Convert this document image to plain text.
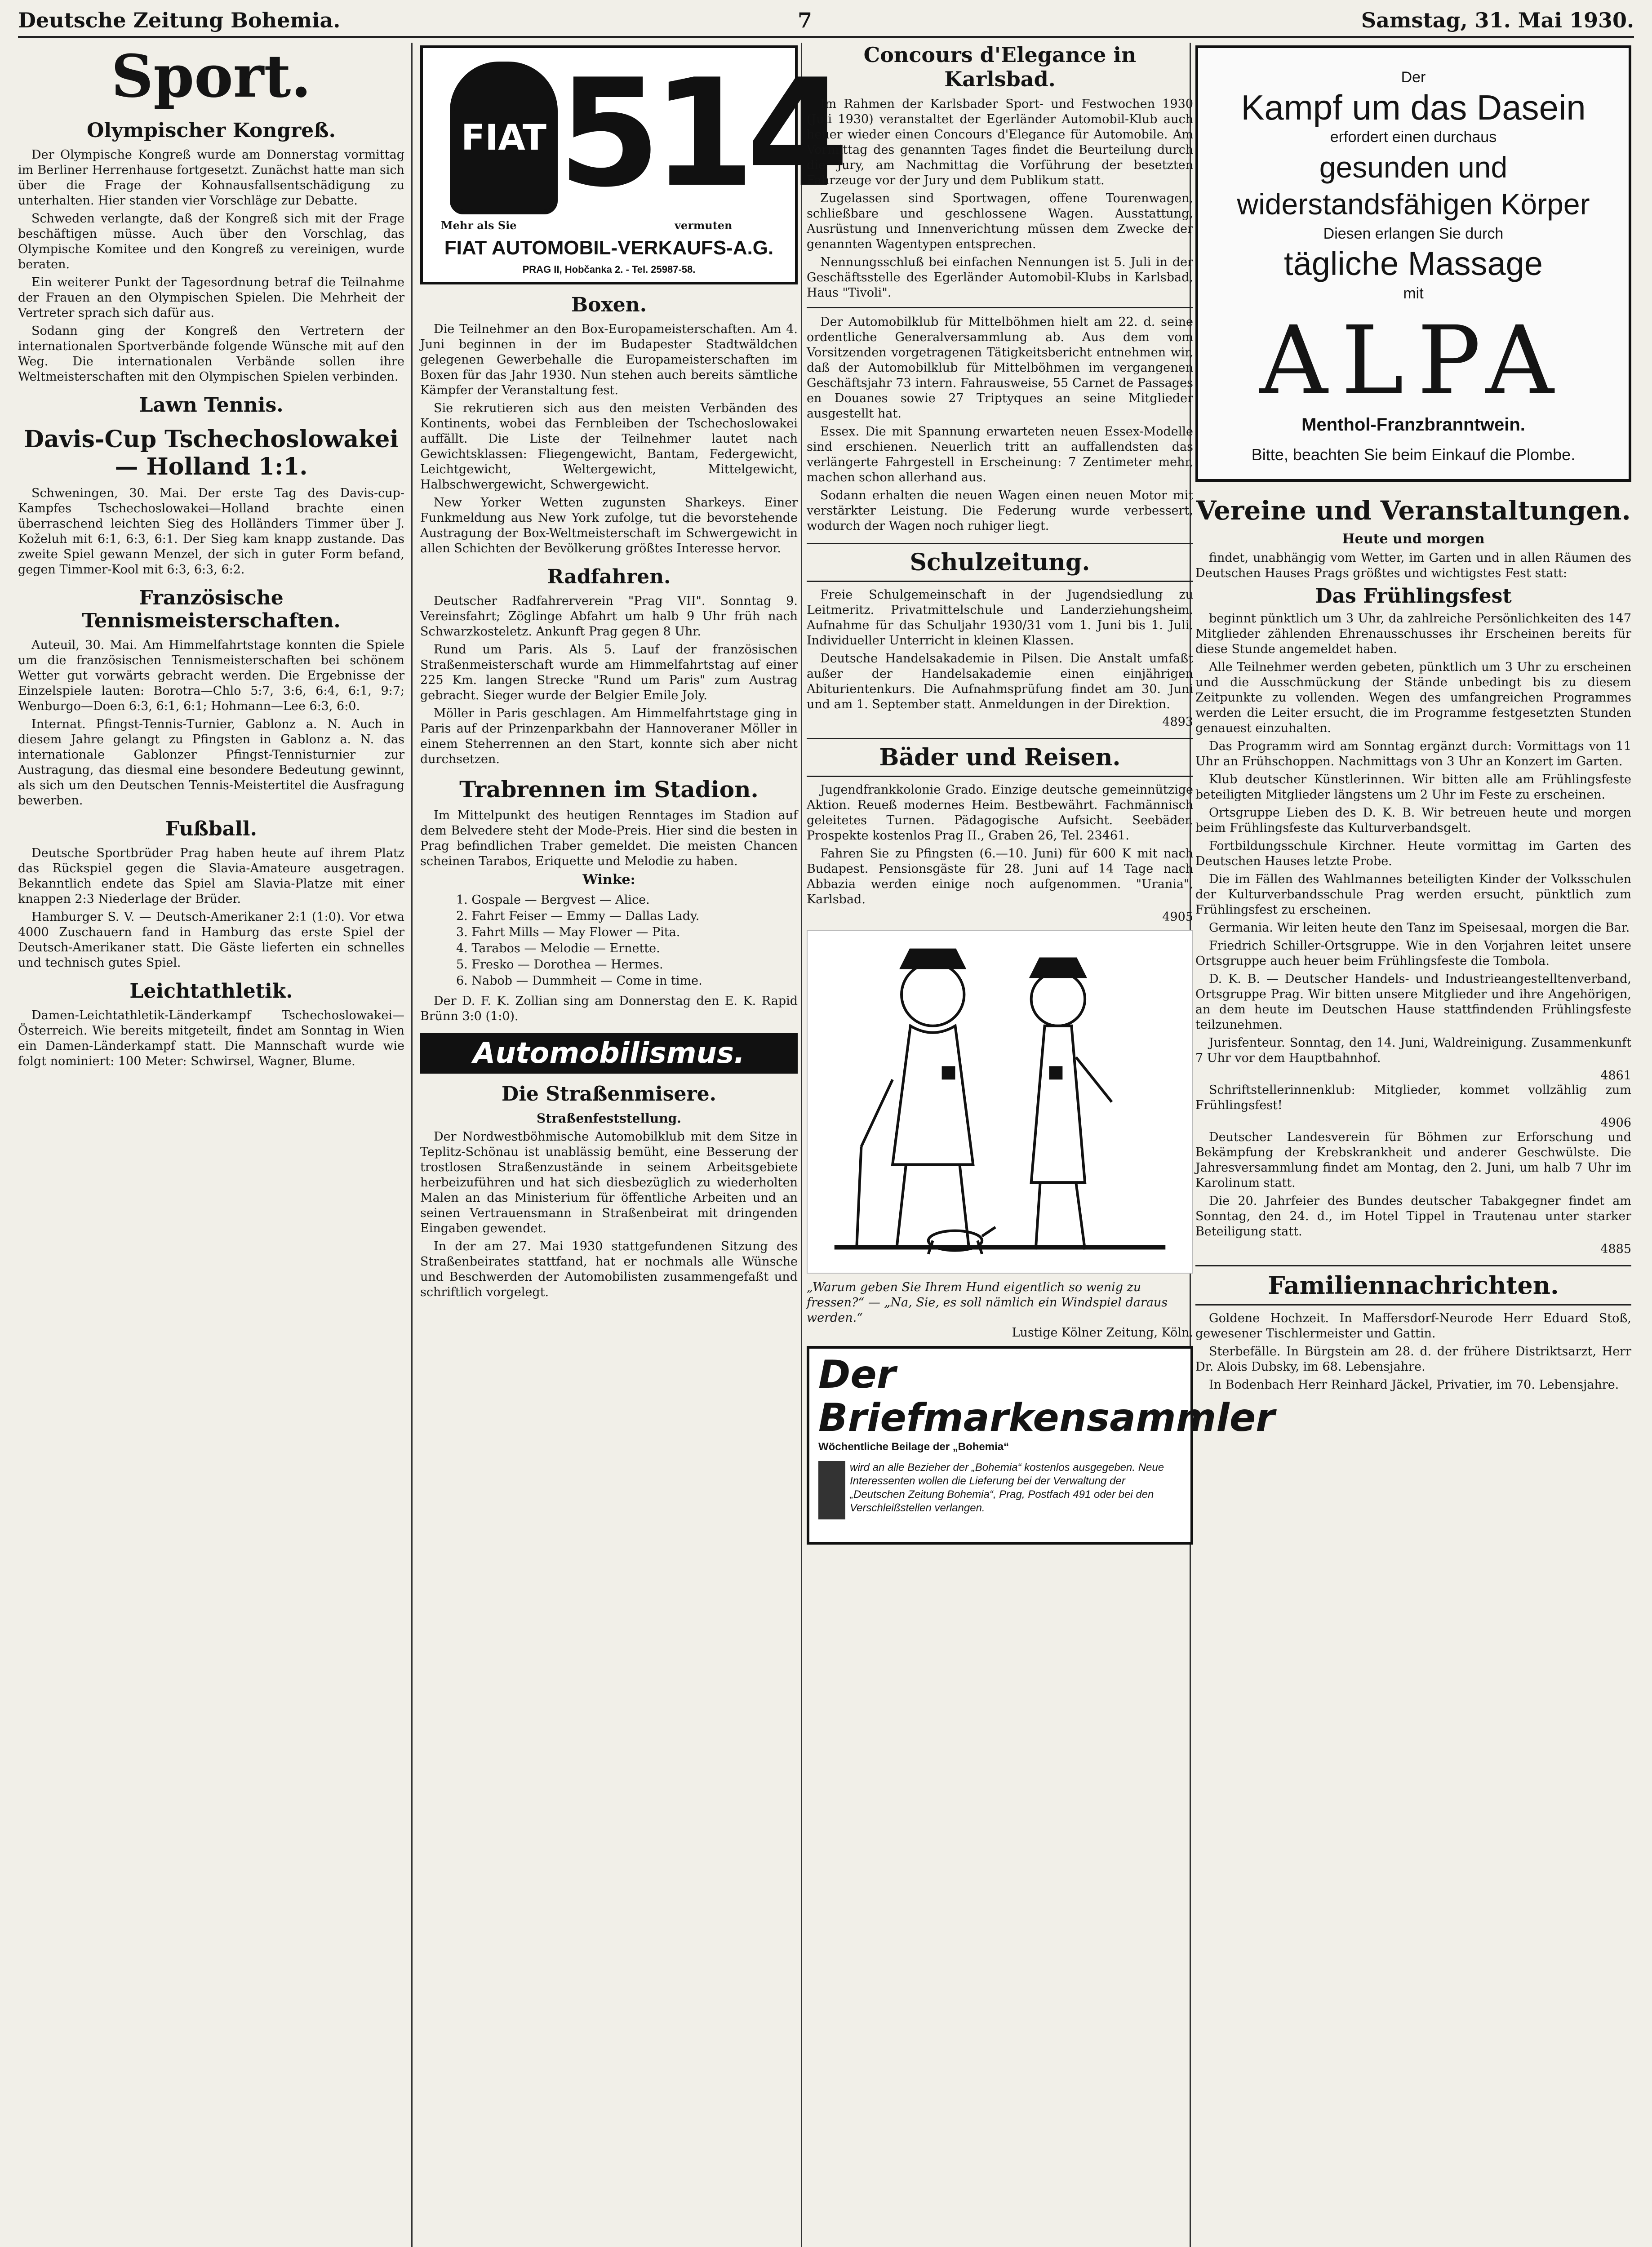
Deutsche Zeitung Bohemia.	7	Samstag, 31. Mai 1930.
Sport.
Olympischer Kongreß.

Der Olympische Kongreß wurde am Donnerstag vormittag im Berliner Herrenhause fortgesetzt. Zunächst hatte man sich über die Frage der Kohnausfallsentschädigung zu unterhalten. Hier standen vier Vorschläge zur Debatte.

Schweden verlangte, daß der Kongreß sich mit der Frage beschäftigen müsse. Auch über den Vorschlag, das Olympische Komitee und den Kongreß zu vereinigen, wurde beraten.

Ein weiterer Punkt der Tagesordnung betraf die Teilnahme der Frauen an den Olympischen Spielen. Die Mehrheit der Vertreter sprach sich dafür aus.

Sodann ging der Kongreß den Vertretern der internationalen Sportverbände folgende Wünsche mit auf den Weg. Die internationalen Verbände sollen ihre Weltmeisterschaften mit den Olympischen Spielen verbinden.

Lawn Tennis.
Davis-Cup Tschechoslowakei — Holland 1:1.

Schweningen, 30. Mai. Der erste Tag des Davis-cup-Kampfes Tschechoslowakei—Holland brachte einen überraschend leichten Sieg des Holländers Timmer über J. Koželuh mit 6:1, 6:3, 6:1. Der Sieg kam knapp zustande. Das zweite Spiel gewann Menzel, der sich in guter Form befand, gegen Timmer-Kool mit 6:3, 6:3, 6:2.

Französische Tennismeisterschaften.

Auteuil, 30. Mai. Am Himmelfahrtstage konnten die Spiele um die französischen Tennismeisterschaften bei schönem Wetter gut vorwärts gebracht werden. Die Ergebnisse der Einzelspiele lauten: Borotra—Chlo 5:7, 3:6, 6:4, 6:1, 9:7; Wenburgo—Doen 6:3, 6:1, 6:1; Hohmann—Lee 6:3, 6:0.

Internat. Pfingst-Tennis-Turnier, Gablonz a. N. Auch in diesem Jahre gelangt zu Pfingsten in Gablonz a. N. das internationale Gablonzer Pfingst-Tennisturnier zur Austragung, das diesmal eine besondere Bedeutung gewinnt, als sich um den Deutschen Tennis-Meistertitel die Ausfragung bewerben.

Fußball.

Deutsche Sportbrüder Prag haben heute auf ihrem Platz das Rückspiel gegen die Slavia-Amateure ausgetragen. Bekanntlich endete das Spiel am Slavia-Platze mit einer knappen 2:3 Niederlage der Brüder.

Hamburger S. V. — Deutsch-Amerikaner 2:1 (1:0). Vor etwa 4000 Zuschauern fand in Hamburg das erste Spiel der Deutsch-Amerikaner statt. Die Gäste lieferten ein schnelles und technisch gutes Spiel.

Leichtathletik.

Damen-Leichtathletik-Länderkampf Tschechoslowakei—Österreich. Wie bereits mitgeteilt, findet am Sonntag in Wien ein Damen-Länderkampf statt. Die Mannschaft wurde wie folgt nominiert: 100 Meter: Schwirsel, Wagner, Blume.

FIAT 514
Mehr als Sie	vermuten
FIAT AUTOMOBIL-VERKAUFS-A.G.
PRAG II, Hobčanka 2. - Tel. 25987-58.
Boxen.

Die Teilnehmer an den Box-Europameisterschaften. Am 4. Juni beginnen in der im Budapester Stadtwäldchen gelegenen Gewerbehalle die Europameisterschaften im Boxen für das Jahr 1930. Nun stehen auch bereits sämtliche Kämpfer der Veranstaltung fest.

Sie rekrutieren sich aus den meisten Verbänden des Kontinents, wobei das Fernbleiben der Tschechoslowakei auffällt. Die Liste der Teilnehmer lautet nach Gewichtsklassen: Fliegengewicht, Bantam, Federgewicht, Leichtgewicht, Weltergewicht, Mittelgewicht, Halbschwergewicht, Schwergewicht.

New Yorker Wetten zugunsten Sharkeys. Einer Funkmeldung aus New York zufolge, tut die bevorstehende Austragung der Box-Weltmeisterschaft im Schwergewicht in allen Schichten der Bevölkerung größtes Interesse hervor.

Radfahren.

Deutscher Radfahrerverein "Prag VII". Sonntag 9. Vereinsfahrt; Zöglinge Abfahrt um halb 9 Uhr früh nach Schwarzkosteletz. Ankunft Prag gegen 8 Uhr.

Rund um Paris. Als 5. Lauf der französischen Straßenmeisterschaft wurde am Himmelfahrtstag auf einer 225 Km. langen Strecke "Rund um Paris" zum Austrag gebracht. Sieger wurde der Belgier Emile Joly.

Möller in Paris geschlagen. Am Himmelfahrtstage ging in Paris auf der Prinzenparkbahn der Hannoveraner Möller in einem Steherrennen an den Start, konnte sich aber nicht durchsetzen.

Trabrennen im Stadion.

Im Mittelpunkt des heutigen Renntages im Stadion auf dem Belvedere steht der Mode-Preis. Hier sind die besten in Prag befindlichen Traber gemeldet. Die meisten Chancen scheinen Tarabos, Eriquette und Melodie zu haben.

Winke:
1. Gospale — Bergvest — Alice.
2. Fahrt Feiser — Emmy — Dallas Lady.
3. Fahrt Mills — May Flower — Pita.
4. Tarabos — Melodie — Ernette.
5. Fresko — Dorothea — Hermes.
6. Nabob — Dummheit — Come in time.

Der D. F. K. Zollian sing am Donnerstag den E. K. Rapid Brünn 3:0 (1:0).

Automobilismus.
Die Straßenmisere.
Straßenfeststellung.

Der Nordwestböhmische Automobilklub mit dem Sitze in Teplitz-Schönau ist unablässig bemüht, eine Besserung der trostlosen Straßenzustände in seinem Arbeitsgebiete herbeizuführen und hat sich diesbezüglich zu wiederholten Malen an das Ministerium für öffentliche Arbeiten und an seinen Vertrauensmann in Straßenbeirat mit dringenden Eingaben gewendet.

In der am 27. Mai 1930 stattgefundenen Sitzung des Straßenbeirates stattfand, hat er nochmals alle Wünsche und Beschwerden der Automobilisten zusammengefaßt und schriftlich vorgelegt.

Concours d'Elegance in Karlsbad.

Im Rahmen der Karlsbader Sport- und Festwochen 1930 (Juli 1930) veranstaltet der Egerländer Automobil-Klub auch heuer wieder einen Concours d'Elegance für Automobile. Am Vormittag des genannten Tages findet die Beurteilung durch die Jury, am Nachmittag die Vorführung der besetzten Fahrzeuge vor der Jury und dem Publikum statt.

Zugelassen sind Sportwagen, offene Tourenwagen, schließbare und geschlossene Wagen. Ausstattung, Ausrüstung und Innenverichtung müssen dem Zwecke der genannten Wagentypen entsprechen.

Nennungsschluß bei einfachen Nennungen ist 5. Juli in der Geschäftsstelle des Egerländer Automobil-Klubs in Karlsbad, Haus "Tivoli".

Der Automobilklub für Mittelböhmen hielt am 22. d. seine ordentliche Generalversammlung ab. Aus dem vom Vorsitzenden vorgetragenen Tätigkeitsbericht entnehmen wir, daß der Automobilklub für Mittelböhmen im vergangenen Geschäftsjahr 73 intern. Fahrausweise, 55 Carnet de Passages en Douanes sowie 27 Triptyques an seine Mitglieder ausgestellt hat.

Essex. Die mit Spannung erwarteten neuen Essex-Modelle sind erschienen. Neuerlich tritt an auffallendsten das verlängerte Fahrgestell in Erscheinung: 7 Zentimeter mehr, machen schon allerhand aus.

Sodann erhalten die neuen Wagen einen neuen Motor mit verstärkter Leistung. Die Federung wurde verbessert, wodurch der Wagen noch ruhiger liegt.

Schulzeitung.

Freie Schulgemeinschaft in der Jugendsiedlung zu Leitmeritz. Privatmittelschule und Landerziehungsheim. Aufnahme für das Schuljahr 1930/31 vom 1. Juni bis 1. Juli. Individueller Unterricht in kleinen Klassen.

Deutsche Handelsakademie in Pilsen. Die Anstalt umfaßt außer der Handelsakademie einen einjährigen Abiturientenkurs. Die Aufnahmsprüfung findet am 30. Juni und am 1. September statt. Anmeldungen in der Direktion.

4893
Bäder und Reisen.

Jugendfrankkolonie Grado. Einzige deutsche gemeinnützige Aktion. Reueß modernes Heim. Bestbewährt. Fachmännisch geleitetes Turnen. Pädagogische Aufsicht. Seebäder. Prospekte kostenlos Prag II., Graben 26, Tel. 23461.

Fahren Sie zu Pfingsten (6.—10. Juni) für 600 K mit nach Budapest. Pensionsgäste für 28. Juni auf 14 Tage nach Abbazia werden einige noch aufgenommen. "Urania", Karlsbad.

4905
„Warum geben Sie Ihrem Hund eigentlich so wenig zu fressen?“ — „Na, Sie, es soll nämlich ein Windspiel daraus werden.“
Lustige Kölner Zeitung, Köln.
Der
Briefmarkensammler
Wöchentliche Beilage der „Bohemia“
wird an alle Bezieher der „Bohemia“ kostenlos ausgegeben. Neue Interessenten wollen die Lieferung bei der Verwaltung der „Deutschen Zeitung Bohemia“, Prag, Postfach 491 oder bei den Verschleißstellen verlangen.
Der
Kampf um das Dasein
erfordert einen durchaus
gesunden und widerstandsfähigen Körper
Diesen erlangen Sie durch
tägliche Massage
mit
ALPA
Menthol-Franzbranntwein.
Bitte, beachten Sie beim Einkauf die Plombe.
Vereine und Veranstaltungen.
Heute und morgen

findet, unabhängig vom Wetter, im Garten und in allen Räumen des Deutschen Hauses Prags größtes und wichtigstes Fest statt:

Das Frühlingsfest

beginnt pünktlich um 3 Uhr, da zahlreiche Persönlichkeiten des 147 Mitglieder zählenden Ehrenausschusses ihr Erscheinen bereits für diese Stunde angemeldet haben.

Alle Teilnehmer werden gebeten, pünktlich um 3 Uhr zu erscheinen und die Ausschmückung der Stände unbedingt bis zu diesem Zeitpunkte zu vollenden. Wegen des umfangreichen Programmes werden die Leiter ersucht, die im Programme festgesetzten Stunden genauest einzuhalten.

Das Programm wird am Sonntag ergänzt durch: Vormittags von 11 Uhr an Frühschoppen. Nachmittags von 3 Uhr an Konzert im Garten.

Klub deutscher Künstlerinnen. Wir bitten alle am Frühlingsfeste beteiligten Mitglieder längstens um 2 Uhr im Feste zu erscheinen.

Ortsgruppe Lieben des D. K. B. Wir betreuen heute und morgen beim Frühlingsfeste das Kulturverbandsgelt.

Fortbildungsschule Kirchner. Heute vormittag im Garten des Deutschen Hauses letzte Probe.

Die im Fällen des Wahlmannes beteiligten Kinder der Volksschulen der Kulturverbandsschule Prag werden ersucht, pünktlich zum Frühlingsfest zu erscheinen.

Germania. Wir leiten heute den Tanz im Speisesaal, morgen die Bar.

Friedrich Schiller-Ortsgruppe. Wie in den Vorjahren leitet unsere Ortsgruppe auch heuer beim Frühlingsfeste die Tombola.

D. K. B. — Deutscher Handels- und Industrieangestelltenverband, Ortsgruppe Prag. Wir bitten unsere Mitglieder und ihre Angehörigen, an dem heute im Deutschen Hause stattfindenden Frühlingsfeste teilzunehmen.

Jurisfenteur. Sonntag, den 14. Juni, Waldreinigung. Zusammenkunft 7 Uhr vor dem Hauptbahnhof.

4861

Schriftstellerinnenklub: Mitglieder, kommet vollzählig zum Frühlingsfest!

4906

Deutscher Landesverein für Böhmen zur Erforschung und Bekämpfung der Krebskrankheit und anderer Geschwülste. Die Jahresversammlung findet am Montag, den 2. Juni, um halb 7 Uhr im Karolinum statt.

Die 20. Jahrfeier des Bundes deutscher Tabakgegner findet am Sonntag, den 24. d., im Hotel Tippel in Trautenau unter starker Beteiligung statt.

4885
Familiennachrichten.

Goldene Hochzeit. In Maffersdorf-Neurode Herr Eduard Stoß, gewesener Tischlermeister und Gattin.

Sterbefälle. In Bürgstein am 28. d. der frühere Distriktsarzt, Herr Dr. Alois Dubsky, im 68. Lebensjahre.

In Bodenbach Herr Reinhard Jäckel, Privatier, im 70. Lebensjahre.
